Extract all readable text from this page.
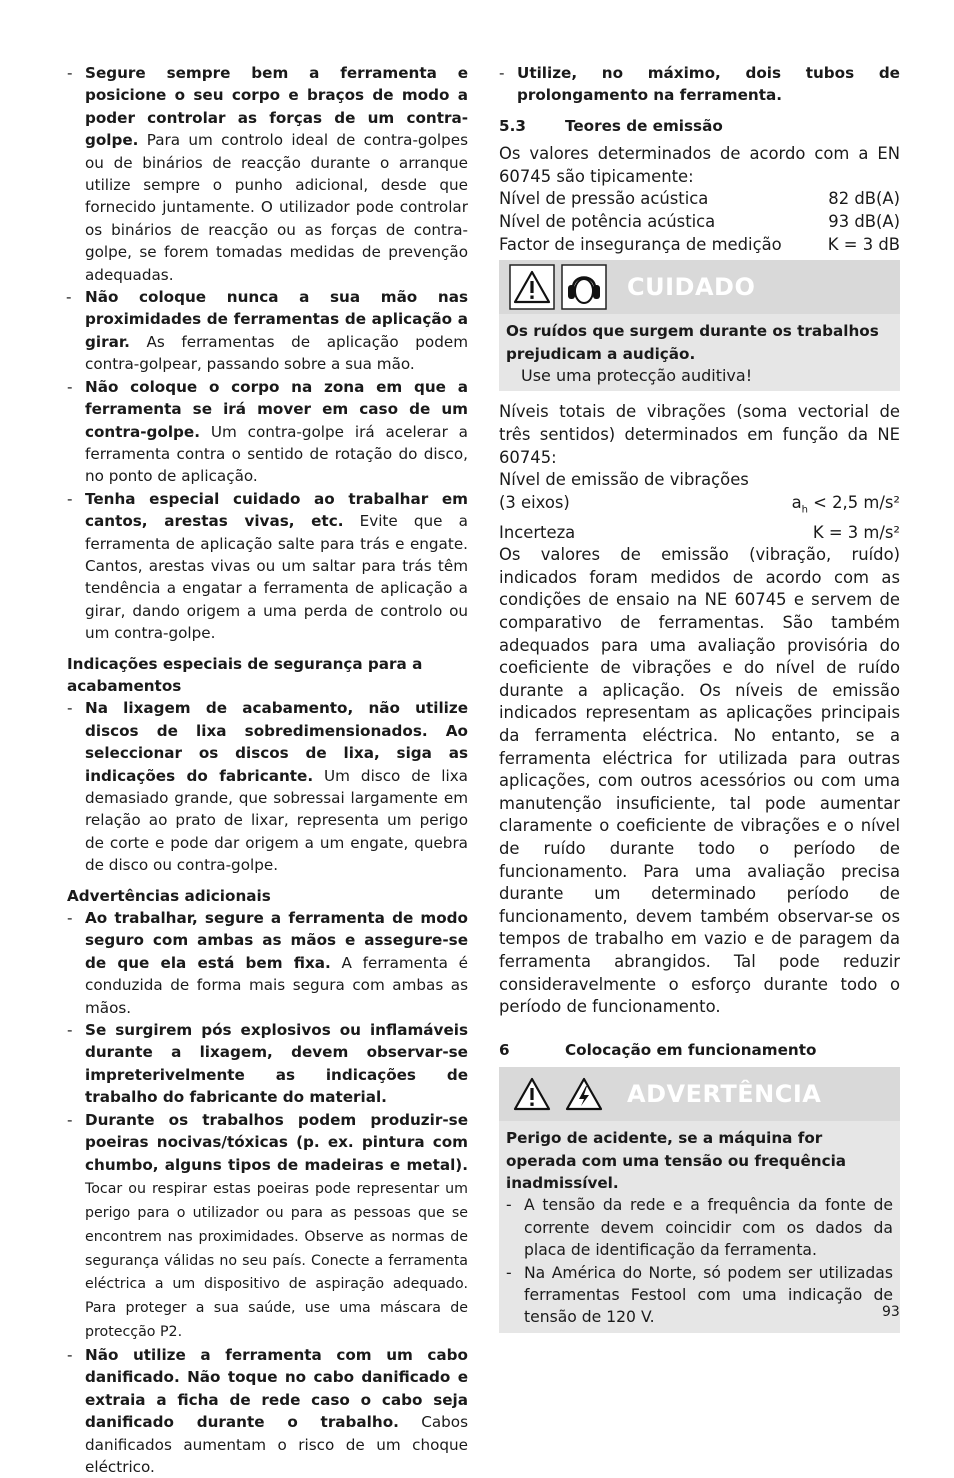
- Segure sempre bem a ferramenta e posicione o seu corpo e braços de modo a poder controlar as forças de um contra-golpe. Para um controlo ideal de contra-golpes ou de binários de reacção durante o arranque utilize sempre o punho adicional, desde que fornecido juntamente. O utilizador pode controlar os binários de reacção ou as forças de contra-golpe, se forem tomadas medidas de prevenção adequadas.
- Não coloque nunca a sua mão nas proximidades de ferramentas de aplicação a girar. As ferramentas de aplicação podem contra-golpear, passando sobre a sua mão.
- Não coloque o corpo na zona em que a ferramenta se irá mover em caso de um contra-golpe. Um contra-golpe irá acelerar a ferramenta contra o sentido de rotação do disco, no ponto de aplicação.
- Tenha especial cuidado ao trabalhar em cantos, arestas vivas, etc. Evite que a ferramenta de aplicação salte para trás e engate. Cantos, arestas vivas ou um saltar para trás têm tendência a engatar a ferramenta de aplicação a girar, dando origem a uma perda de controlo ou um contra-golpe.
Indicações especiais de segurança para a acabamentos
- Na lixagem de acabamento, não utilize discos de lixa sobredimensionados. Ao seleccionar os discos de lixa, siga as indicações do fabricante. Um disco de lixa demasiado grande, que sobressai largamente em relação ao prato de lixar, representa um perigo de corte e pode dar origem a um engate, quebra de disco ou contra-golpe.
Advertências adicionais
- Ao trabalhar, segure a ferramenta de modo seguro com ambas as mãos e assegure-se de que ela está bem fixa. A ferramenta é conduzida de forma mais segura com ambas as mãos.
- Se surgirem pós explosivos ou inflamáveis durante a lixagem, devem observar-se impreterivelmente as indicações de trabalho do fabricante do material.
- Durante os trabalhos podem produzir-se poeiras nocivas/tóxicas (p. ex. pintura com chumbo, alguns tipos de madeiras e metal). Tocar ou respirar estas poeiras pode representar um perigo para o utilizador ou para as pessoas que se encontrem nas proximidades. Observe as normas de segurança válidas no seu país. Conecte a ferramenta eléctrica a um dispositivo de aspiração adequado. Para proteger a sua saúde, use uma máscara de protecção P2.
- Não utilize a ferramenta com um cabo danificado. Não toque no cabo danificado e extraia a ficha de rede caso o cabo seja danificado durante o trabalho. Cabos danificados aumentam o risco de um choque eléctrico.
- Utilize, no máximo, dois tubos de prolongamento na ferramenta.
5.3	Teores de emissão
Os valores determinados de acordo com a EN 60745 são tipicamente:
Nível de pressão acústica	82 dB(A)
Nível de potência acústica	93 dB(A)
Factor de insegurança de medição	K = 3 dB
CUIDADO
Os ruídos que surgem durante os trabalhos prejudicam a audição.
Use uma protecção auditiva!
Níveis totais de vibrações (soma vectorial de três sentidos) determinados em função da NE 60745:
Nível de emissão de vibrações
(3 eixos)	$a_h < 2,5$ m/s²
Incerteza	K = 3 m/s²
Os valores de emissão (vibração, ruído) indicados foram medidos de acordo com as condições de ensaio na NE 60745 e servem de comparativo de ferramentas. São também adequados para uma avaliação provisória do coeficiente de vibrações e do nível de ruído durante a aplicação. Os níveis de emissão indicados representam as aplicações principais da ferramenta eléctrica. No entanto, se a ferramenta eléctrica for utilizada para outras aplicações, com outros acessórios ou com uma manutenção insuficiente, tal pode aumentar claramente o coeficiente de vibrações e o nível de ruído durante todo o período de funcionamento. Para uma avaliação precisa durante um determinado período de funcionamento, devem também observar-se os tempos de trabalho em vazio e de paragem da ferramenta abrangidos. Tal pode reduzir consideravelmente o esforço durante todo o período de funcionamento.
6	Colocação em funcionamento
ADVERTÊNCIA
Perigo de acidente, se a máquina for operada com uma tensão ou frequência inadmissível.
- A tensão da rede e a frequência da fonte de corrente devem coincidir com os dados da placa de identificação da ferramenta.
- Na América do Norte, só podem ser utilizadas ferramentas Festool com uma indicação de tensão de 120 V.	93
